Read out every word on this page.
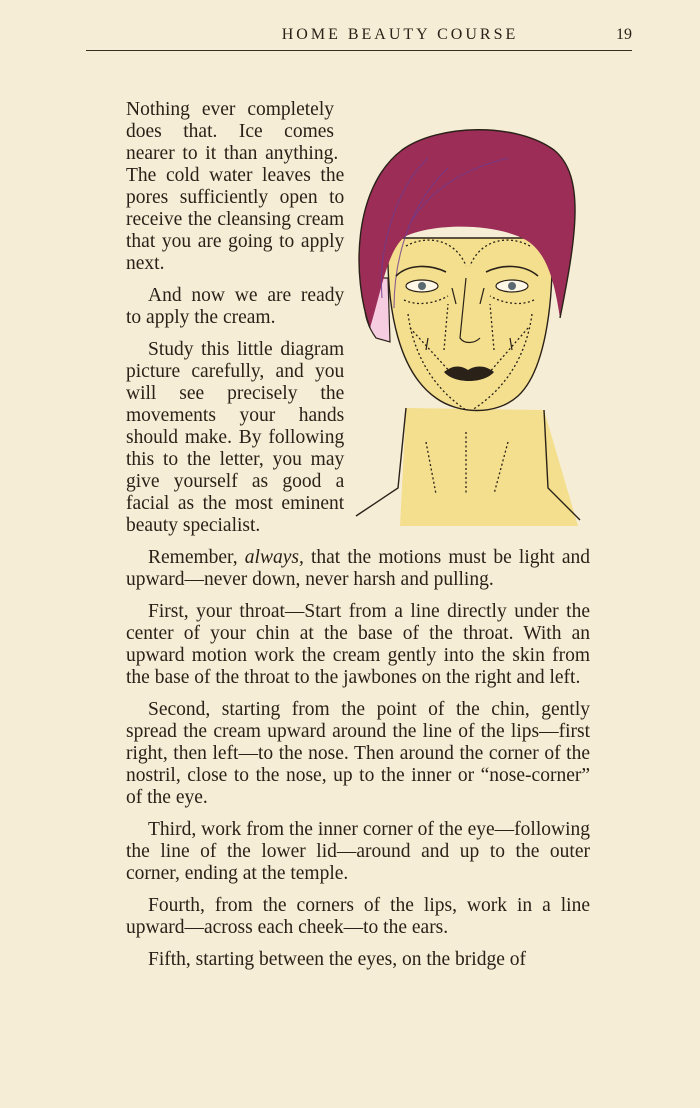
HOME BEAUTY COURSE	19

Nothing ever completely does that. Ice comes nearer to it than anything. The cold water leaves the pores sufficiently open to receive the cleansing cream that you are going to apply next.

And now we are ready to apply the cream.

Study this little diagram picture carefully, and you will see precisely the movements your hands should make. By following this to the letter, you may give yourself as good a facial as the most eminent beauty specialist.

Remember, always, that the motions must be light and upward—never down, never harsh and pulling.

First, your throat—Start from a line directly under the center of your chin at the base of the throat. With an upward motion work the cream gently into the skin from the base of the throat to the jawbones on the right and left.

Second, starting from the point of the chin, gently spread the cream upward around the line of the lips—first right, then left—to the nose. Then around the corner of the nostril, close to the nose, up to the inner or “nose-corner” of the eye.

Third, work from the inner corner of the eye—following the line of the lower lid—around and up to the outer corner, ending at the temple.

Fourth, from the corners of the lips, work in a line upward—across each cheek—to the ears.

Fifth, starting between the eyes, on the bridge of
